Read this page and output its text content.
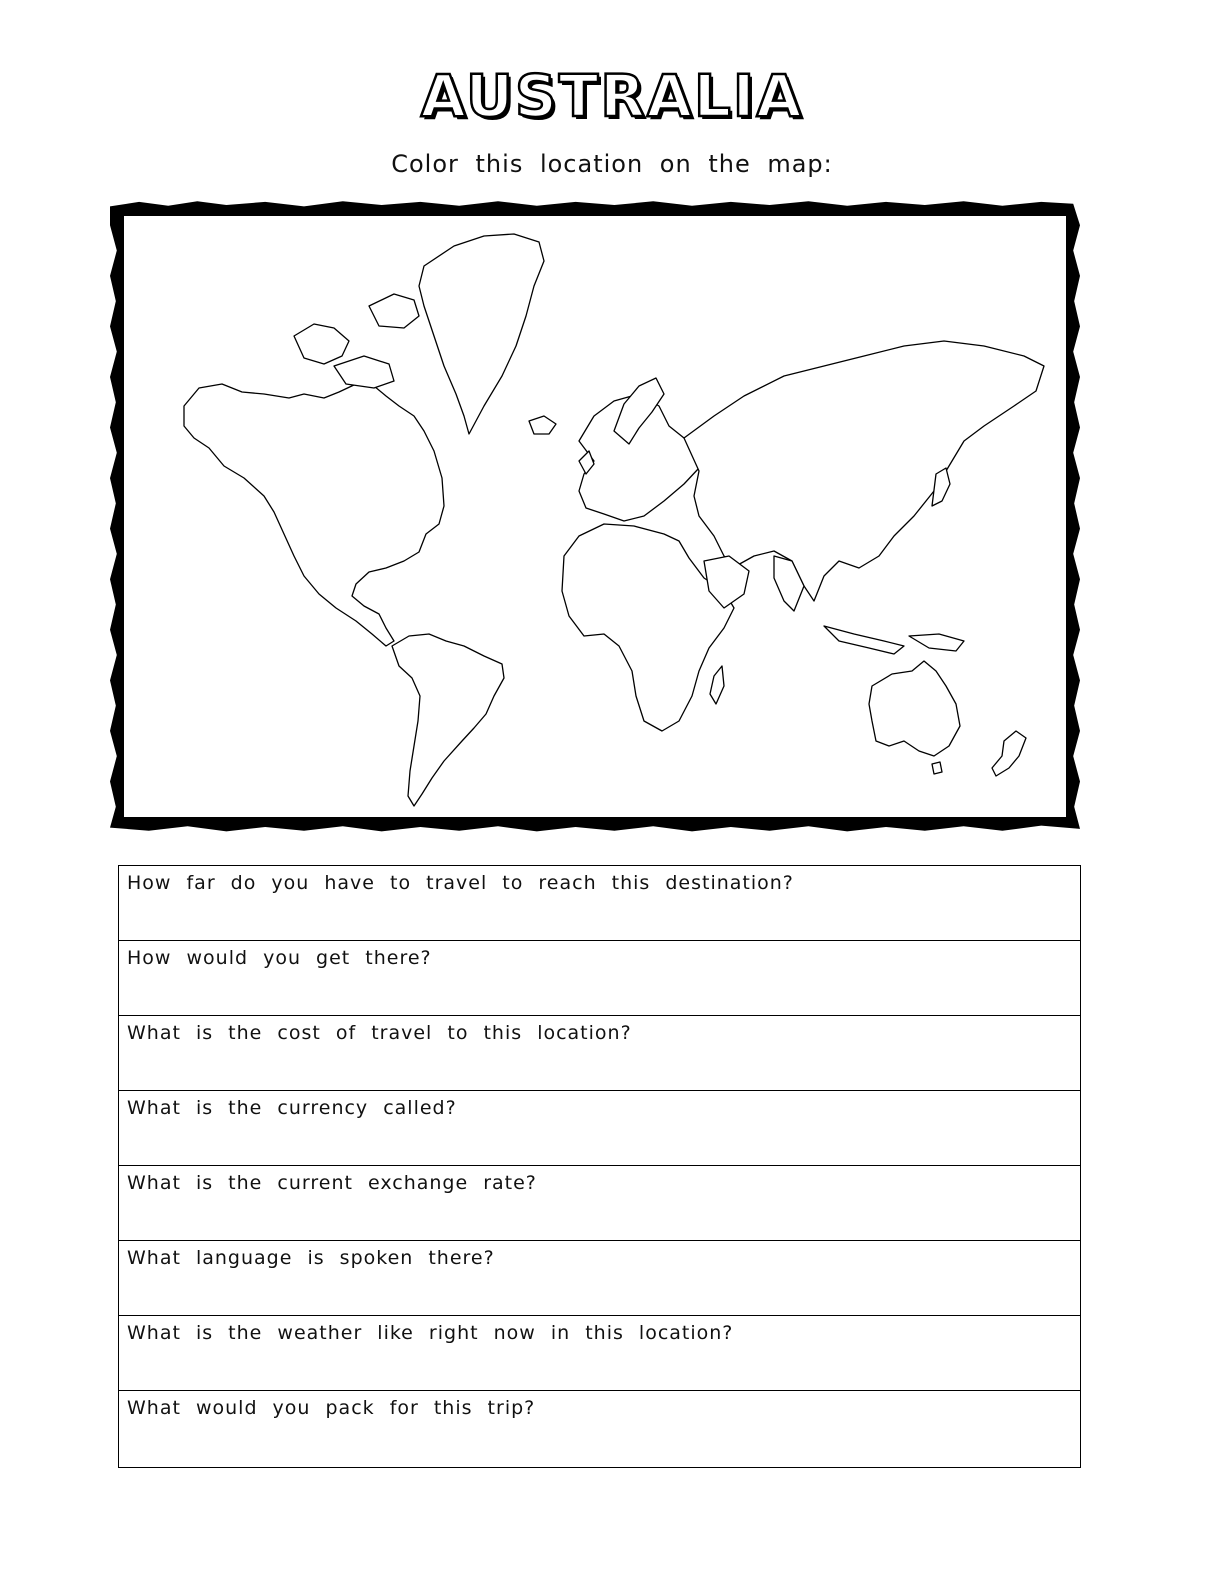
AUSTRALIA
Color this location on the map:
How far do you have to travel to reach this destination?
How would you get there?
What is the cost of travel to this location?
What is the currency called?
What is the current exchange rate?
What language is spoken there?
What is the weather like right now in this location?
What would you pack for this trip?
